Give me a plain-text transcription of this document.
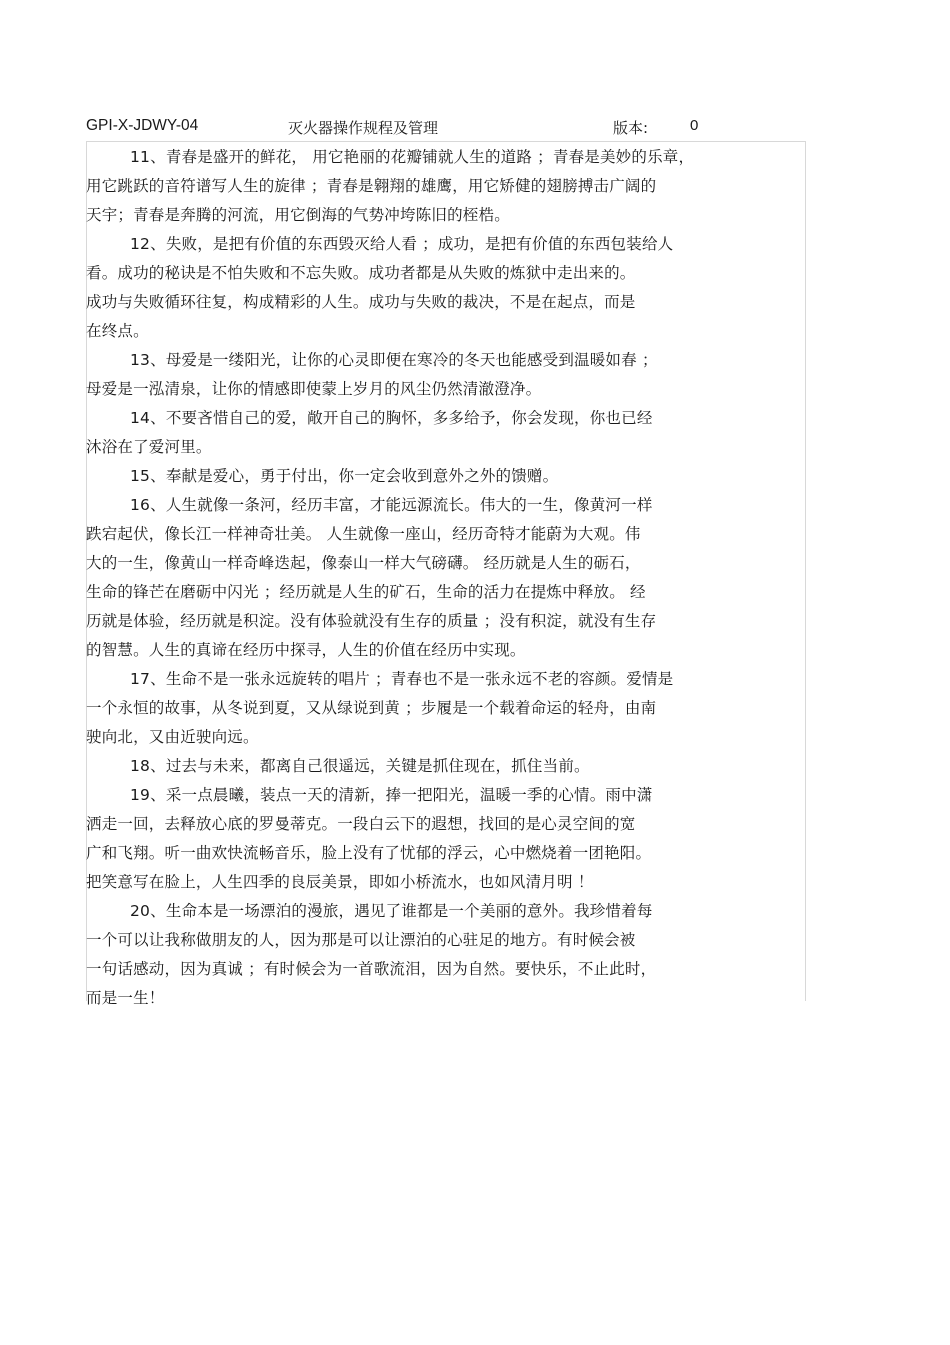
GPI-X-JDWY-04	灭火器操作规程及管理	版本:	0
11、青春是盛开的鲜花， 用它艳丽的花瓣铺就人生的道路 ；青春是美妙的乐章，
用它跳跃的音符谱写人生的旋律 ；青春是翱翔的雄鹰，用它矫健的翅膀搏击广阔的
天宇；青春是奔腾的河流，用它倒海的气势冲垮陈旧的桎梏。
12、失败，是把有价值的东西毁灭给人看 ；成功，是把有价值的东西包装给人
看。成功的秘诀是不怕失败和不忘失败。成功者都是从失败的炼狱中走出来的。
成功与失败循环往复，构成精彩的人生。成功与失败的裁决，不是在起点，而是
在终点。
13、母爱是一缕阳光，让你的心灵即便在寒冷的冬天也能感受到温暖如春 ；
母爱是一泓清泉，让你的情感即使蒙上岁月的风尘仍然清澈澄净。
14、不要吝惜自己的爱，敞开自己的胸怀，多多给予，你会发现，你也已经
沐浴在了爱河里。
15、奉献是爱心，勇于付出，你一定会收到意外之外的馈赠。
16、人生就像一条河，经历丰富，才能远源流长。伟大的一生，像黄河一样
跌宕起伏，像长江一样神奇壮美。 人生就像一座山，经历奇特才能蔚为大观。伟
大的一生，像黄山一样奇峰迭起，像泰山一样大气磅礴。 经历就是人生的砺石，
生命的锋芒在磨砺中闪光 ；经历就是人生的矿石，生命的活力在提炼中释放。 经
历就是体验，经历就是积淀。没有体验就没有生存的质量 ；没有积淀，就没有生存
的智慧。人生的真谛在经历中探寻，人生的价值在经历中实现。
17、生命不是一张永远旋转的唱片 ；青春也不是一张永远不老的容颜。爱情是
一个永恒的故事，从冬说到夏，又从绿说到黄 ；步履是一个载着命运的轻舟，由南
驶向北，又由近驶向远。
18、过去与未来，都离自己很遥远，关键是抓住现在，抓住当前。
19、采一点晨曦，装点一天的清新，捧一把阳光，温暖一季的心情。雨中潇
洒走一回，去释放心底的罗曼蒂克。一段白云下的遐想，找回的是心灵空间的宽
广和飞翔。听一曲欢快流畅音乐，脸上没有了忧郁的浮云，心中燃烧着一团艳阳。
把笑意写在脸上，人生四季的良辰美景，即如小桥流水，也如风清月明 ！
20、生命本是一场漂泊的漫旅，遇见了谁都是一个美丽的意外。我珍惜着每
一个可以让我称做朋友的人，因为那是可以让漂泊的心驻足的地方。有时候会被
一句话感动，因为真诚 ；有时候会为一首歌流泪，因为自然。要快乐，不止此时，
而是一生！
